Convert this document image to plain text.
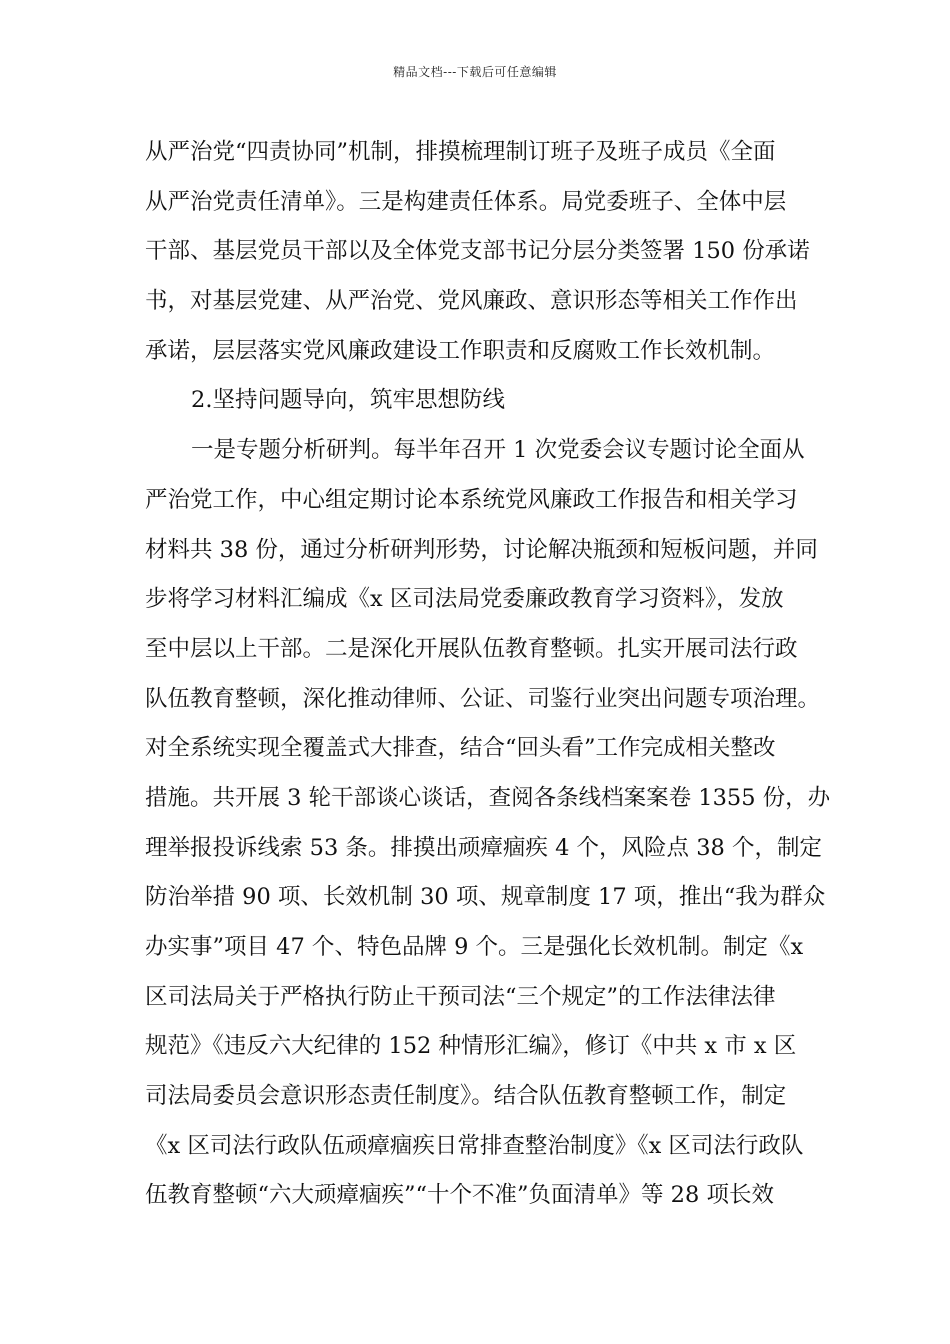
精品文档---下载后可任意编辑
从严治党“四责协同”机制，排摸梳理制订班子及班子成员《全面
从严治党责任清单》。三是构建责任体系。局党委班子、全体中层
干部、基层党员干部以及全体党支部书记分层分类签署 150 份承诺
书，对基层党建、从严治党、党风廉政、意识形态等相关工作作出
承诺，层层落实党风廉政建设工作职责和反腐败工作长效机制。
2.坚持问题导向，筑牢思想防线
一是专题分析研判。每半年召开 1 次党委会议专题讨论全面从
严治党工作，中心组定期讨论本系统党风廉政工作报告和相关学习
材料共 38 份，通过分析研判形势，讨论解决瓶颈和短板问题，并同
步将学习材料汇编成《x 区司法局党委廉政教育学习资料》，发放
至中层以上干部。二是深化开展队伍教育整顿。扎实开展司法行政
队伍教育整顿，深化推动律师、公证、司鉴行业突出问题专项治理。
对全系统实现全覆盖式大排查，结合“回头看”工作完成相关整改
措施。共开展 3 轮干部谈心谈话，查阅各条线档案案卷 1355 份，办
理举报投诉线索 53 条。排摸出顽瘴痼疾 4 个，风险点 38 个，制定
防治举措 90 项、长效机制 30 项、规章制度 17 项，推出“我为群众
办实事”项目 47 个、特色品牌 9 个。三是强化长效机制。制定《x
区司法局关于严格执行防止干预司法“三个规定”的工作法律法律
规范》《违反六大纪律的 152 种情形汇编》，修订《中共 x 市 x 区
司法局委员会意识形态责任制度》。结合队伍教育整顿工作，制定
《x 区司法行政队伍顽瘴痼疾日常排查整治制度》《x 区司法行政队
伍教育整顿“六大顽瘴痼疾”“十个不准”负面清单》等 28 项长效
